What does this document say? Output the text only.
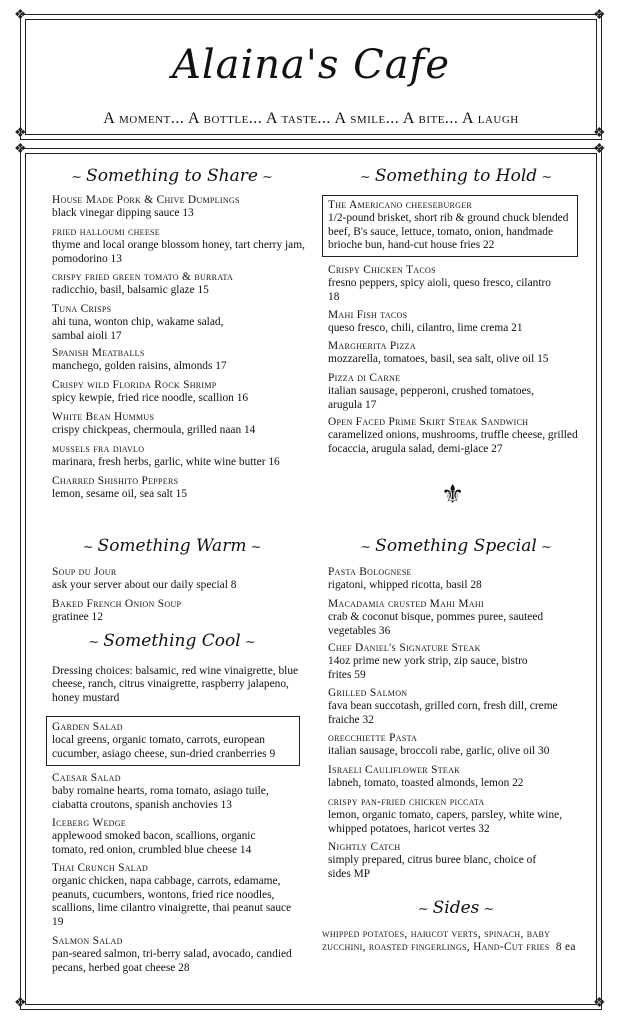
❖	❖
❖	❖
❖	❖
❖	❖
Alaina's Cafe
A moment... A bottle... A taste... A smile... A bite... A laugh
~ Something to Share ~	~ Something to Hold ~
~ Something Warm ~
~ Something Cool ~
~ Something Special ~
~ Sides ~
House Made Pork & Chive Dumplings
black vinegar dipping sauce 13
fried halloumi cheese
thyme and local orange blossom honey, tart cherry jam, pomodorino 13
crispy fried green tomato & burrata
radicchio, basil, balsamic glaze 15
Tuna Crisps
ahi tuna, wonton chip, wakame salad, sambal aioli 17
Spanish Meatballs
manchego, golden raisins, almonds 17
Crispy wild Florida Rock Shrimp
spicy kewpie, fried rice noodle, scallion 16
White Bean Hummus
crispy chickpeas, chermoula, grilled naan 14
mussels fra diavlo
marinara, fresh herbs, garlic, white wine butter 16
Charred Shishito Peppers
lemon, sesame oil, sea salt 15
The Americano cheeseburger
1/2-pound brisket, short rib & ground chuck blended beef, B's sauce, lettuce, tomato, onion, handmade brioche bun, hand-cut house fries 22
Crispy Chicken Tacos
fresno peppers, spicy aioli, queso fresco, cilantro 18
Mahi Fish tacos
queso fresco, chili, cilantro, lime crema 21
Margherita Pizza
mozzarella, tomatoes, basil, sea salt, olive oil 15
Pizza di Carne
italian sausage, pepperoni, crushed tomatoes, arugula 17
Open Faced Prime Skirt Steak Sandwich
caramelized onions, mushrooms, truffle cheese, grilled focaccia, arugula salad, demi-glace 27
⚜
Soup du Jour
ask your server about our daily special 8
Baked French Onion Soup
gratinee 12
Dressing choices: balsamic, red wine vinaigrette, blue cheese, ranch, citrus vinaigrette, raspberry jalapeno, honey mustard
Garden Salad
local greens, organic tomato, carrots, european cucumber, asiago cheese, sun-dried cranberries 9
Caesar Salad
baby romaine hearts, roma tomato, asiago tuile, ciabatta croutons, spanish anchovies 13
Iceberg Wedge
applewood smoked bacon, scallions, organic tomato, red onion, crumbled blue cheese 14
Thai Crunch Salad
organic chicken, napa cabbage, carrots, edamame, peanuts, cucumbers, wontons, fried rice noodles, scallions, lime cilantro vinaigrette, thai peanut sauce 19
Salmon Salad
pan-seared salmon, tri-berry salad, avocado, candied pecans, herbed goat cheese 28
Pasta Bolognese
rigatoni, whipped ricotta, basil 28
Macadamia crusted Mahi Mahi
crab & coconut bisque, pommes puree, sauteed vegetables 36
Chef Daniel's Signature Steak
14oz prime new york strip, zip sauce, bistro frites 59
Grilled Salmon
fava bean succotash, grilled corn, fresh dill, creme fraiche 32
orecchiette Pasta
italian sausage, broccoli rabe, garlic, olive oil 30
Israeli Cauliflower Steak
labneh, tomato, toasted almonds, lemon 22
crispy pan-fried chicken piccata
lemon, organic tomato, capers, parsley, white wine, whipped potatoes, haricot vertes 32
Nightly Catch
simply prepared, citrus buree blanc, choice of sides MP
whipped potatoes, haricot verts, spinach, baby zucchini, roasted fingerlings, Hand-Cut fries 8 ea
